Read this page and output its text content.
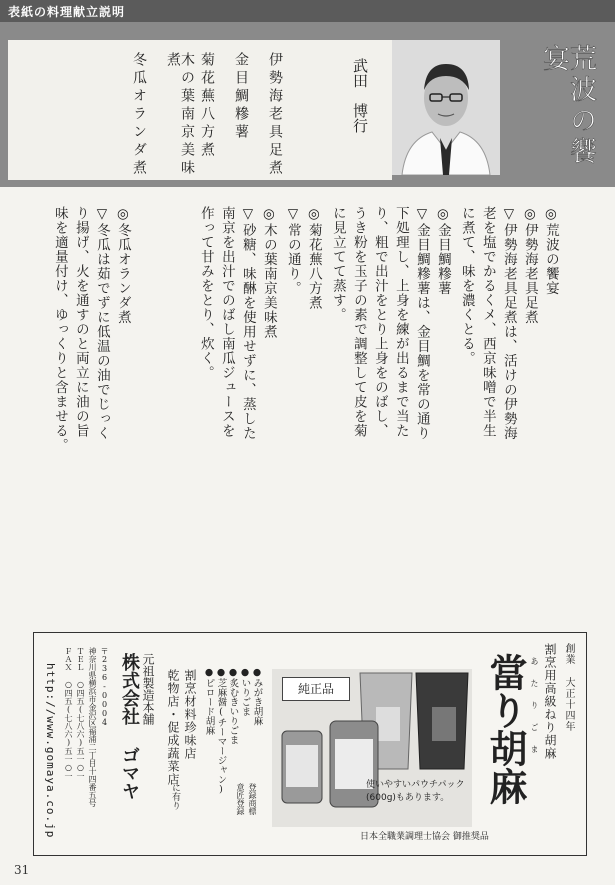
表紙の料理献立説明
伊勢海老具足煮
金目鯛糝薯
菊花蕪八方煮
木の葉南京美味煮
冬瓜オランダ煮	武田　博行	荒波の饗宴
◎荒波の饗宴
◎伊勢海老具足煮
▽伊勢海老具足煮は、活けの伊勢海
老を塩でかるくメ、西京味噌で半生
に煮て、味を濃くとる。
◎金目鯛糝薯
▽金目鯛糝薯は、金目鯛を常の通り
下処理し、上身を練が出るまで当た
り、粗で出汁をとり上身をのばし、
うき粉を玉子の素で調整して皮を菊
に見立てて蒸す。
◎菊花蕪八方煮
▽常の通り。
◎木の葉南京美味煮
▽砂糖、味醂を使用せずに、蒸した
南京を出汁でのばし南瓜ジュースを
作って甘みをとり、炊く。
◎冬瓜オランダ煮
▽冬瓜は茹でずに低温の油でじっく
り揚げ、火を通すのと両立に油の旨
味を適量付け、ゆっくりと含ませる。
創業 大正十四年
割烹用高級ねり胡麻
當り胡麻 あたりごま
純正品
使いやすいパウチパック(600g)もあります。
日本全職業調理士協会 御推奨品
●みがき胡麻
●いりごま
●炙むきいりごま
●芝麻醤(チーマージャン)
●ピロード胡麻
登録商標
意匠登録
割烹材料珍味店
乾物店・促成蔬菜店
に有り
元祖製造本舗
株式会社 ゴマヤ
〒236-0004
神奈川県横浜市金沢区福浦二丁目十四番五号
ＴＥＬ ○四五(七八六)五一○一
ＦＡＸ ○四五(七八六)五一○一
http://www.gomaya.co.jp
31
